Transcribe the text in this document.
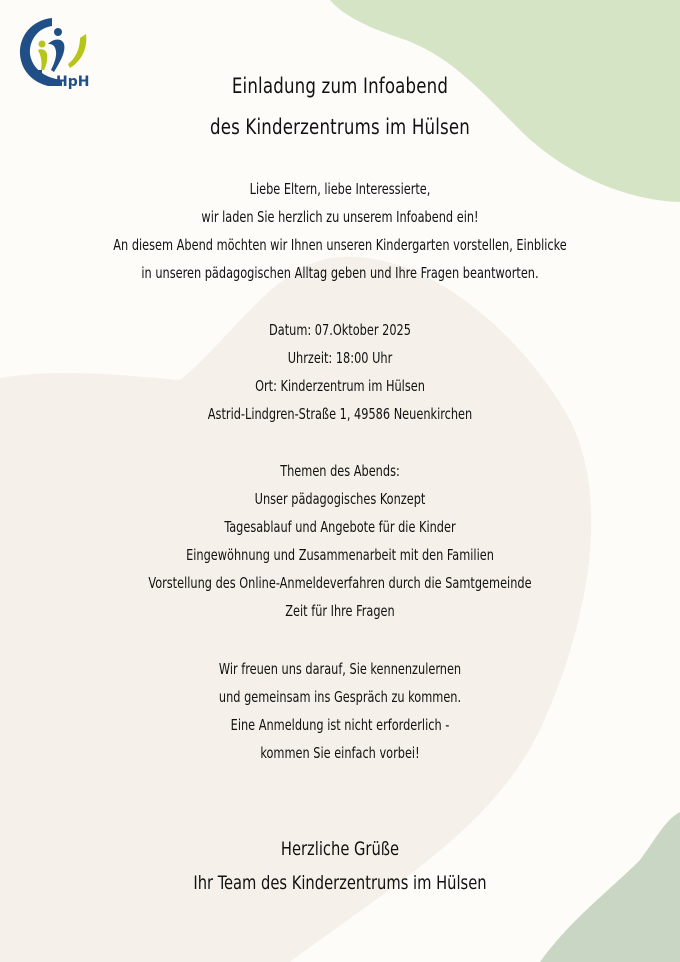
HpH	Einladung zum Infoabend
des Kinderzentrums im Hülsen
Liebe Eltern, liebe Interessierte,
wir laden Sie herzlich zu unserem Infoabend ein!
An diesem Abend möchten wir Ihnen unseren Kindergarten vorstellen, Einblicke
in unseren pädagogischen Alltag geben und Ihre Fragen beantworten.
Datum: 07.Oktober 2025
Uhrzeit: 18:00 Uhr
Ort: Kinderzentrum im Hülsen
Astrid-Lindgren-Straße 1, 49586 Neuenkirchen
Themen des Abends:
Unser pädagogisches Konzept
Tagesablauf und Angebote für die Kinder
Eingewöhnung und Zusammenarbeit mit den Familien
Vorstellung des Online-Anmeldeverfahren durch die Samtgemeinde
Zeit für Ihre Fragen
Wir freuen uns darauf, Sie kennenzulernen
und gemeinsam ins Gespräch zu kommen.
Eine Anmeldung ist nicht erforderlich -
kommen Sie einfach vorbei!
Herzliche Grüße
Ihr Team des Kinderzentrums im Hülsen
